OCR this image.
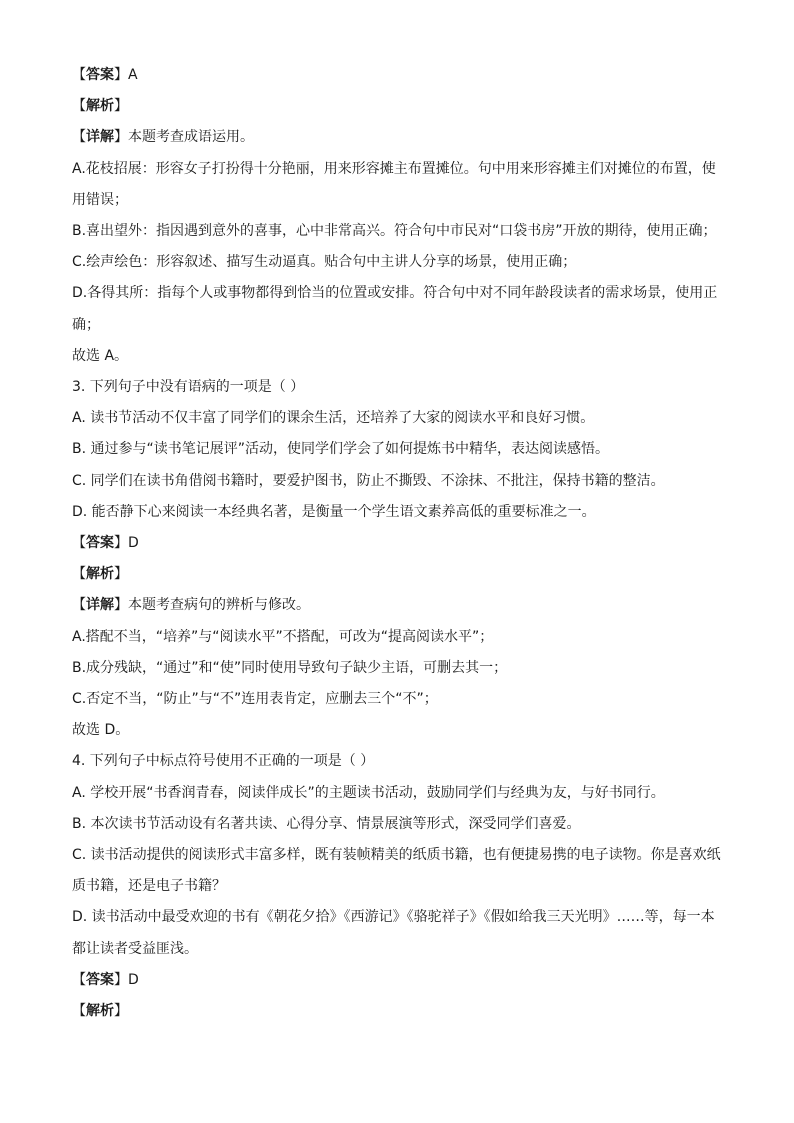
【答案】A
【解析】
【详解】本题考查成语运用。
A.花枝招展：形容女子打扮得十分艳丽，用来形容摊主布置摊位。句中用来形容摊主们对摊位的布置，使
用错误；
B.喜出望外：指因遇到意外的喜事，心中非常高兴。符合句中市民对“口袋书房”开放的期待，使用正确；
C.绘声绘色：形容叙述、描写生动逼真。贴合句中主讲人分享的场景，使用正确；
D.各得其所：指每个人或事物都得到恰当的位置或安排。符合句中对不同年龄段读者的需求场景，使用正
确；
故选 A。
3. 下列句子中没有语病的一项是（ ）
A. 读书节活动不仅丰富了同学们的课余生活，还培养了大家的阅读水平和良好习惯。
B. 通过参与“读书笔记展评”活动，使同学们学会了如何提炼书中精华，表达阅读感悟。
C. 同学们在读书角借阅书籍时，要爱护图书，防止不撕毁、不涂抹、不批注，保持书籍的整洁。
D. 能否静下心来阅读一本经典名著，是衡量一个学生语文素养高低的重要标准之一。
【答案】D
【解析】
【详解】本题考查病句的辨析与修改。
A.搭配不当，“培养”与“阅读水平”不搭配，可改为“提高阅读水平”；
B.成分残缺，“通过”和“使”同时使用导致句子缺少主语，可删去其一；
C.否定不当，“防止”与“不”连用表肯定，应删去三个“不”；
故选 D。
4. 下列句子中标点符号使用不正确的一项是（ ）
A. 学校开展“书香润青春，阅读伴成长”的主题读书活动，鼓励同学们与经典为友，与好书同行。
B. 本次读书节活动设有名著共读、心得分享、情景展演等形式，深受同学们喜爱。
C. 读书活动提供的阅读形式丰富多样，既有装帧精美的纸质书籍，也有便捷易携的电子读物。你是喜欢纸
质书籍，还是电子书籍？
D. 读书活动中最受欢迎的书有《朝花夕拾》《西游记》《骆驼祥子》《假如给我三天光明》……等，每一本
都让读者受益匪浅。
【答案】D
【解析】
